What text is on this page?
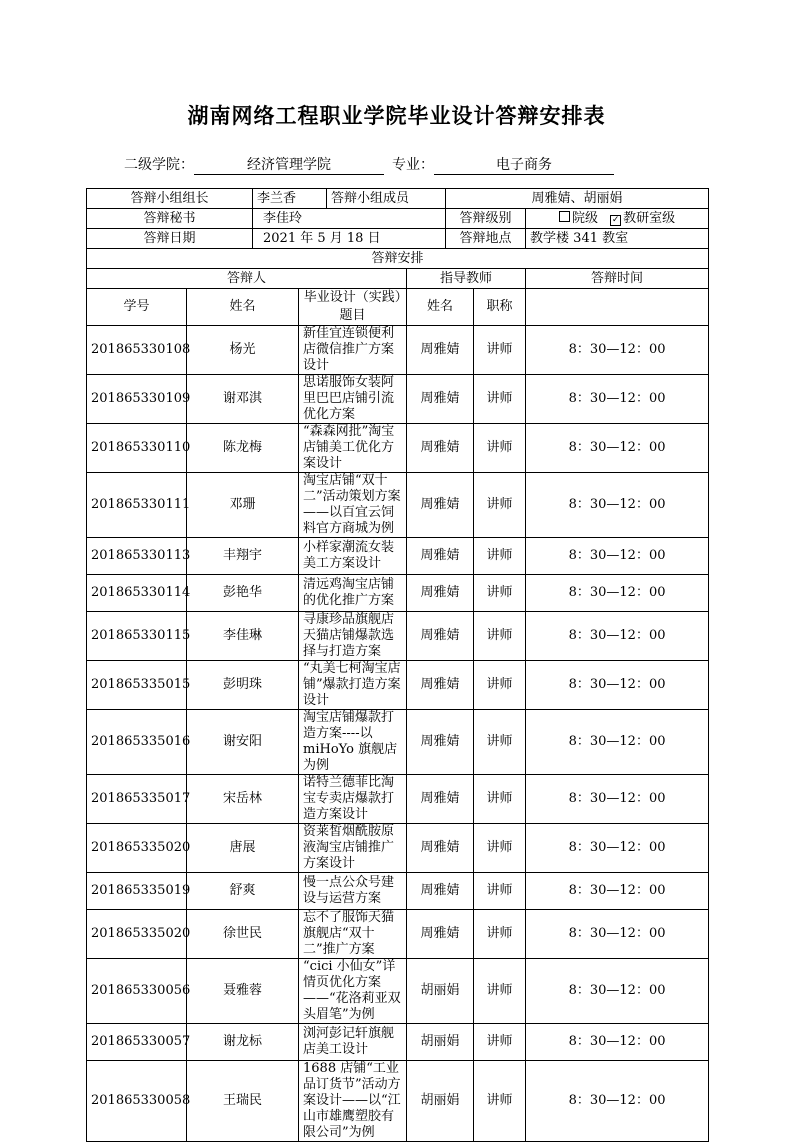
湖南网络工程职业学院毕业设计答辩安排表
二级学院：	经济管理学院	专业：	电子商务
答辩小组组长		李兰香		答辩小组成员		周雅婧、胡丽娟		
答辩秘书		李佳玲				答辩级别		院级 ✓ 教研室级
答辩日期		2021 年 5 月 18 日				答辩地点		教学楼 341 教室
答辩安排								
答辩人					指导教师			答辩时间
学号	姓名		毕业设计（实践）题目		姓名		职称	
201865330108	杨光		新佳宜连锁便利店微信推广方案设计		周雅婧		讲师	8：30—12：00
201865330109	谢邓淇		思诺服饰女装阿里巴巴店铺引流优化方案		周雅婧		讲师	8：30—12：00
201865330110	陈龙梅		“森森网批”淘宝店铺美工优化方案设计		周雅婧		讲师	8：30—12：00
201865330111	邓珊		淘宝店铺“双十二”活动策划方案——以百宜云饲料官方商城为例		周雅婧		讲师	8：30—12：00
201865330113	丰翔宇		小样家潮流女装美工方案设计		周雅婧		讲师	8：30—12：00
201865330114	彭艳华		清远鸡淘宝店铺的优化推广方案		周雅婧		讲师	8：30—12：00
201865330115	李佳琳		寻康珍品旗舰店天猫店铺爆款选择与打造方案		周雅婧		讲师	8：30—12：00
201865335015	彭明珠		“丸美七柯淘宝店铺”爆款打造方案设计		周雅婧		讲师	8：30—12：00
201865335016	谢安阳		淘宝店铺爆款打造方案----以 miHoYo 旗舰店为例		周雅婧		讲师	8：30—12：00
201865335017	宋岳林		诺特兰德菲比淘宝专卖店爆款打造方案设计		周雅婧		讲师	8：30—12：00
201865335020	唐展		资莱皙烟酰胺原液淘宝店铺推广方案设计		周雅婧		讲师	8：30—12：00
201865335019	舒爽		慢一点公众号建设与运营方案		周雅婧		讲师	8：30—12：00
201865335020	徐世民		忘不了服饰天猫旗舰店“双十二”推广方案		周雅婧		讲师	8：30—12：00
201865330056	聂雅蓉		“cici 小仙女”详情页优化方案——“花洛莉亚双头眉笔”为例		胡丽娟		讲师	8：30—12：00
201865330057	谢龙标		浏河彭记轩旗舰店美工设计		胡丽娟		讲师	8：30—12：00
201865330058	王瑞民		1688 店铺“工业品订货节”活动方案设计——以“江山市雄鹰塑胶有限公司”为例		胡丽娟		讲师	8：30—12：00
